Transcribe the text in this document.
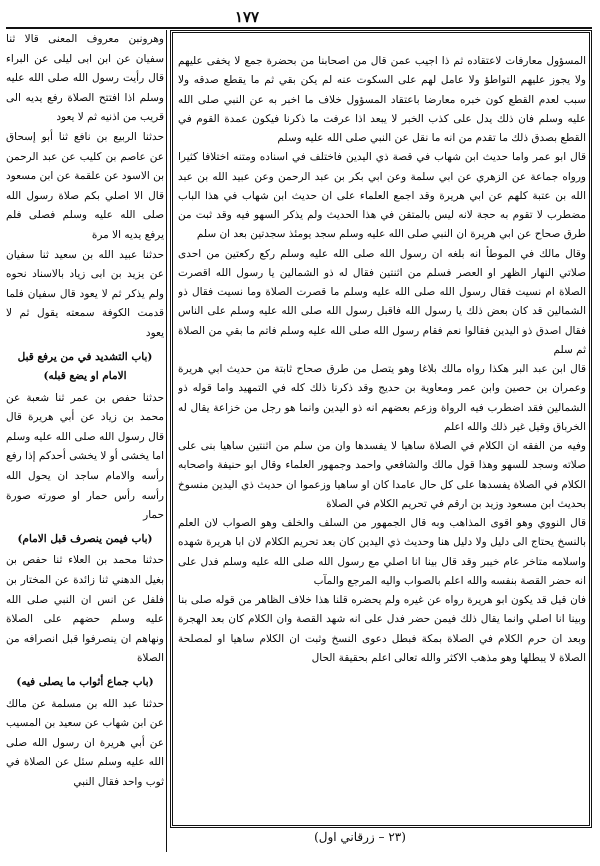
١٧٧

المسؤول معارفات لاعتقاده ثم ذا اجيب عمن قال من اصحابنا من بحضرة جمع لا يخفى عليهم ولا يجوز عليهم التواطؤ ولا عامل لهم على السكوت عنه لم يكن بقي ثم ما يقطع صدقه ولا سبب لعدم القطع كون خبره معارضا باعتقاد المسؤول خلاف ما اخبر به عن النبي صلى الله عليه وسلم فان ذلك يدل على كذب الخبر لا يبعد اذا عرفت ما ذكرنا فيكون عمدة القوم في القطع بصدق ذلك ما تقدم من انه ما نقل عن النبي صلى الله عليه وسلم

قال ابو عمر واما حديث ابن شهاب في قصة ذي اليدين فاختلف في اسناده ومتنه اختلافا كثيرا ورواه جماعة عن الزهري عن ابي سلمة وعن ابي بكر بن عبد الرحمن وعن عبيد الله بن عبد الله بن عتبة كلهم عن ابي هريرة وقد اجمع العلماء على ان حديث ابن شهاب في هذا الباب مضطرب لا تقوم به حجة لانه ليس بالمتقن في هذا الحديث ولم يذكر السهو فيه وقد ثبت من طرق صحاح عن ابي هريرة ان النبي صلى الله عليه وسلم سجد يومئذ سجدتين بعد ان سلم

وقال مالك في الموطأ انه بلغه ان رسول الله صلى الله عليه وسلم ركع ركعتين من احدى صلاتي النهار الظهر او العصر فسلم من اثنتين فقال له ذو الشمالين يا رسول الله اقصرت الصلاة ام نسيت فقال رسول الله صلى الله عليه وسلم ما قصرت الصلاة وما نسيت فقال ذو الشمالين قد كان بعض ذلك يا رسول الله فاقبل رسول الله صلى الله عليه وسلم على الناس فقال اصدق ذو اليدين فقالوا نعم فقام رسول الله صلى الله عليه وسلم فاتم ما بقي من الصلاة ثم سلم

قال ابن عبد البر هكذا رواه مالك بلاغا وهو يتصل من طرق صحاح ثابتة من حديث ابي هريرة وعمران بن حصين وابن عمر ومعاوية بن حديج وقد ذكرنا ذلك كله في التمهيد واما قوله ذو الشمالين فقد اضطرب فيه الرواة وزعم بعضهم انه ذو اليدين وانما هو رجل من خزاعة يقال له الخرباق وقيل غير ذلك والله اعلم

وفيه من الفقه ان الكلام في الصلاة ساهيا لا يفسدها وان من سلم من اثنتين ساهيا بنى على صلاته وسجد للسهو وهذا قول مالك والشافعي واحمد وجمهور العلماء وقال ابو حنيفة واصحابه الكلام في الصلاة يفسدها على كل حال عامدا كان او ساهيا وزعموا ان حديث ذي اليدين منسوخ بحديث ابن مسعود وزيد بن ارقم في تحريم الكلام في الصلاة

قال النووي وهو اقوى المذاهب وبه قال الجمهور من السلف والخلف وهو الصواب لان العلم بالنسخ يحتاج الى دليل ولا دليل هنا وحديث ذي اليدين كان بعد تحريم الكلام لان ابا هريرة شهده واسلامه متاخر عام خيبر وقد قال بينا انا اصلي مع رسول الله صلى الله عليه وسلم فدل على انه حضر القصة بنفسه والله اعلم بالصواب واليه المرجع والمآب

فان قيل قد يكون ابو هريرة رواه عن غيره ولم يحضره قلنا هذا خلاف الظاهر من قوله صلى بنا وبينا انا اصلي وانما يقال ذلك فيمن حضر فدل على انه شهد القصة وان الكلام كان بعد الهجرة وبعد ان حرم الكلام في الصلاة بمكة فبطل دعوى النسخ وثبت ان الكلام ساهيا او لمصلحة الصلاة لا يبطلها وهو مذهب الاكثر والله تعالى اعلم بحقيقة الحال

وهرونبن معروف المعنى قالا ثنا سفيان عن ابن ابى ليلى عن البراء قال رأيت رسول الله صلى الله عليه وسلم اذا افتتح الصلاة رفع يديه الى قريب من اذنيه ثم لا يعود

حدثنا الربيع بن نافع ثنا أبو إسحاق عن عاصم بن كليب عن عبد الرحمن بن الاسود عن علقمة عن ابن مسعود قال الا اصلي بكم صلاة رسول الله صلى الله عليه وسلم فصلى فلم يرفع يديه الا مرة

حدثنا عبيد الله بن سعيد ثنا سفيان عن يزيد بن ابى زياد بالاسناد نحوه ولم يذكر ثم لا يعود قال سفيان فلما قدمت الكوفة سمعته يقول ثم لا يعود

(باب التشديد في من يرفع قبل الامام او يضع قبله)

حدثنا حفص بن عمر ثنا شعبة عن محمد بن زياد عن أبي هريرة قال قال رسول الله صلى الله عليه وسلم اما يخشى أو لا يخشى أحدكم إذا رفع رأسه والامام ساجد ان يحول الله رأسه رأس حمار او صورته صورة حمار

(باب فيمن ينصرف قبل الامام)

حدثنا محمد بن العلاء ثنا حفص بن بغيل الدهني ثنا زائدة عن المختار بن فلفل عن انس ان النبي صلى الله عليه وسلم حضهم على الصلاة ونهاهم ان ينصرفوا قبل انصرافه من الصلاة

(باب جماع أثواب ما يصلى فيه)

حدثنا عبد الله بن مسلمة عن مالك عن ابن شهاب عن سعيد بن المسيب عن أبي هريرة ان رسول الله صلى الله عليه وسلم سئل عن الصلاة في ثوب واحد فقال النبي

(٢٣ – زرقاني اول)
